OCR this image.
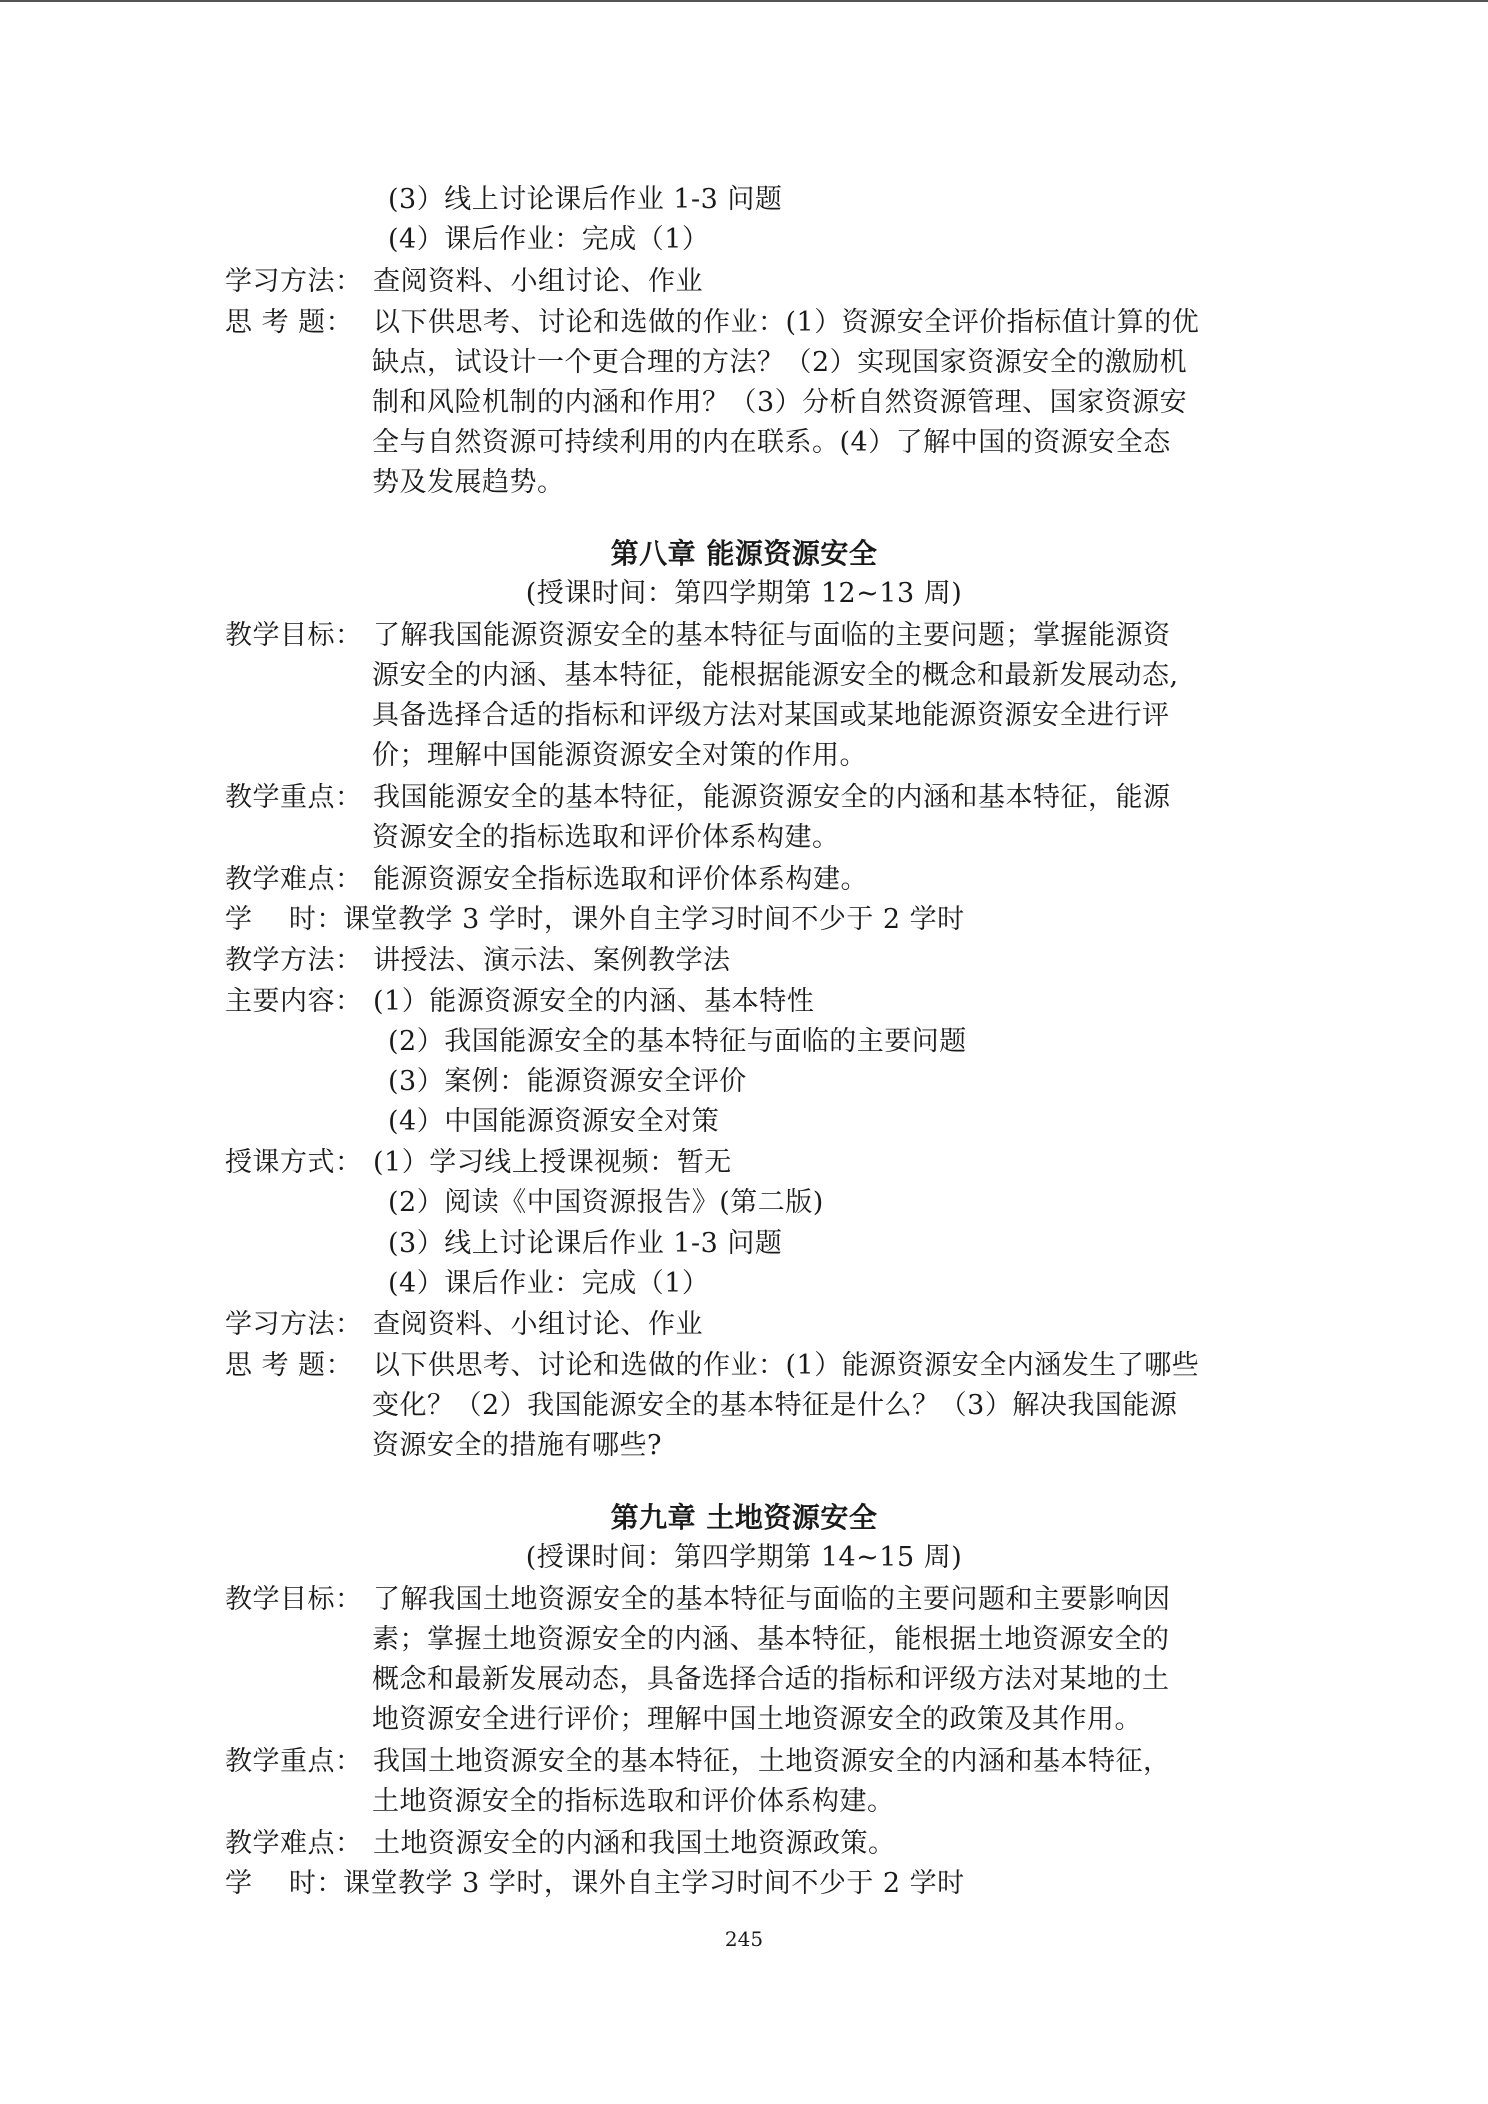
(3）线上讨论课后作业 1-3 问题
(4）课后作业：完成（1）
学习方法： 查阅资料、小组讨论、作业
思 考 题： 以下供思考、讨论和选做的作业：(1）资源安全评价指标值计算的优
缺点，试设计一个更合理的方法？（2）实现国家资源安全的激励机
制和风险机制的内涵和作用？（3）分析自然资源管理、国家资源安
全与自然资源可持续利用的内在联系。(4）了解中国的资源安全态
势及发展趋势。
第八章 能源资源安全
(授课时间：第四学期第 12~13 周)
教学目标： 了解我国能源资源安全的基本特征与面临的主要问题；掌握能源资
源安全的内涵、基本特征，能根据能源安全的概念和最新发展动态,
具备选择合适的指标和评级方法对某国或某地能源资源安全进行评
价；理解中国能源资源安全对策的作用。
教学重点： 我国能源安全的基本特征，能源资源安全的内涵和基本特征，能源
资源安全的指标选取和评价体系构建。
教学难点： 能源资源安全指标选取和评价体系构建。
学    时：课堂教学 3 学时，课外自主学习时间不少于 2 学时
教学方法： 讲授法、演示法、案例教学法
主要内容： (1）能源资源安全的内涵、基本特性
(2）我国能源安全的基本特征与面临的主要问题
(3）案例：能源资源安全评价
(4）中国能源资源安全对策
授课方式： (1）学习线上授课视频：暂无
(2）阅读《中国资源报告》(第二版)
(3）线上讨论课后作业 1-3 问题
(4）课后作业：完成（1）
学习方法： 查阅资料、小组讨论、作业
思 考 题： 以下供思考、讨论和选做的作业：(1）能源资源安全内涵发生了哪些
变化？（2）我国能源安全的基本特征是什么？（3）解决我国能源
资源安全的措施有哪些?
第九章 土地资源安全
(授课时间：第四学期第 14~15 周)
教学目标： 了解我国土地资源安全的基本特征与面临的主要问题和主要影响因
素；掌握土地资源安全的内涵、基本特征，能根据土地资源安全的
概念和最新发展动态，具备选择合适的指标和评级方法对某地的土
地资源安全进行评价；理解中国土地资源安全的政策及其作用。
教学重点： 我国土地资源安全的基本特征，土地资源安全的内涵和基本特征，
土地资源安全的指标选取和评价体系构建。
教学难点： 土地资源安全的内涵和我国土地资源政策。
学    时：课堂教学 3 学时，课外自主学习时间不少于 2 学时
245
